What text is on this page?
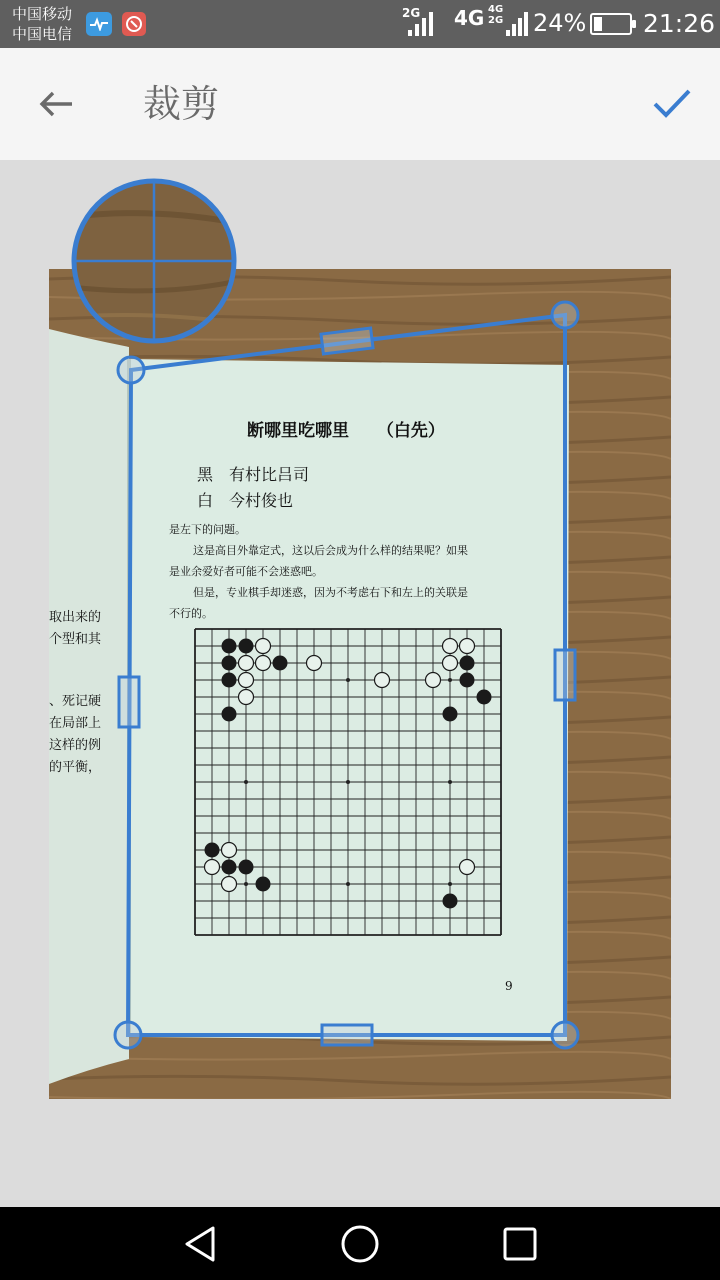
中国移动
中国电信
2G 4G 4G
2G 24% 21:26
裁剪
取出来的
个型和其
、死记硬
在局部上
这样的例
的平衡，
断哪里吃哪里 （白先）
黑 有村比吕司
白 今村俊也
是左下的问题。
这是高目外靠定式，这以后会成为什么样的结果呢？如果
是业余爱好者可能不会迷惑吧。
但是，专业棋手却迷惑，因为不考虑右下和左上的关联是
不行的。
9
